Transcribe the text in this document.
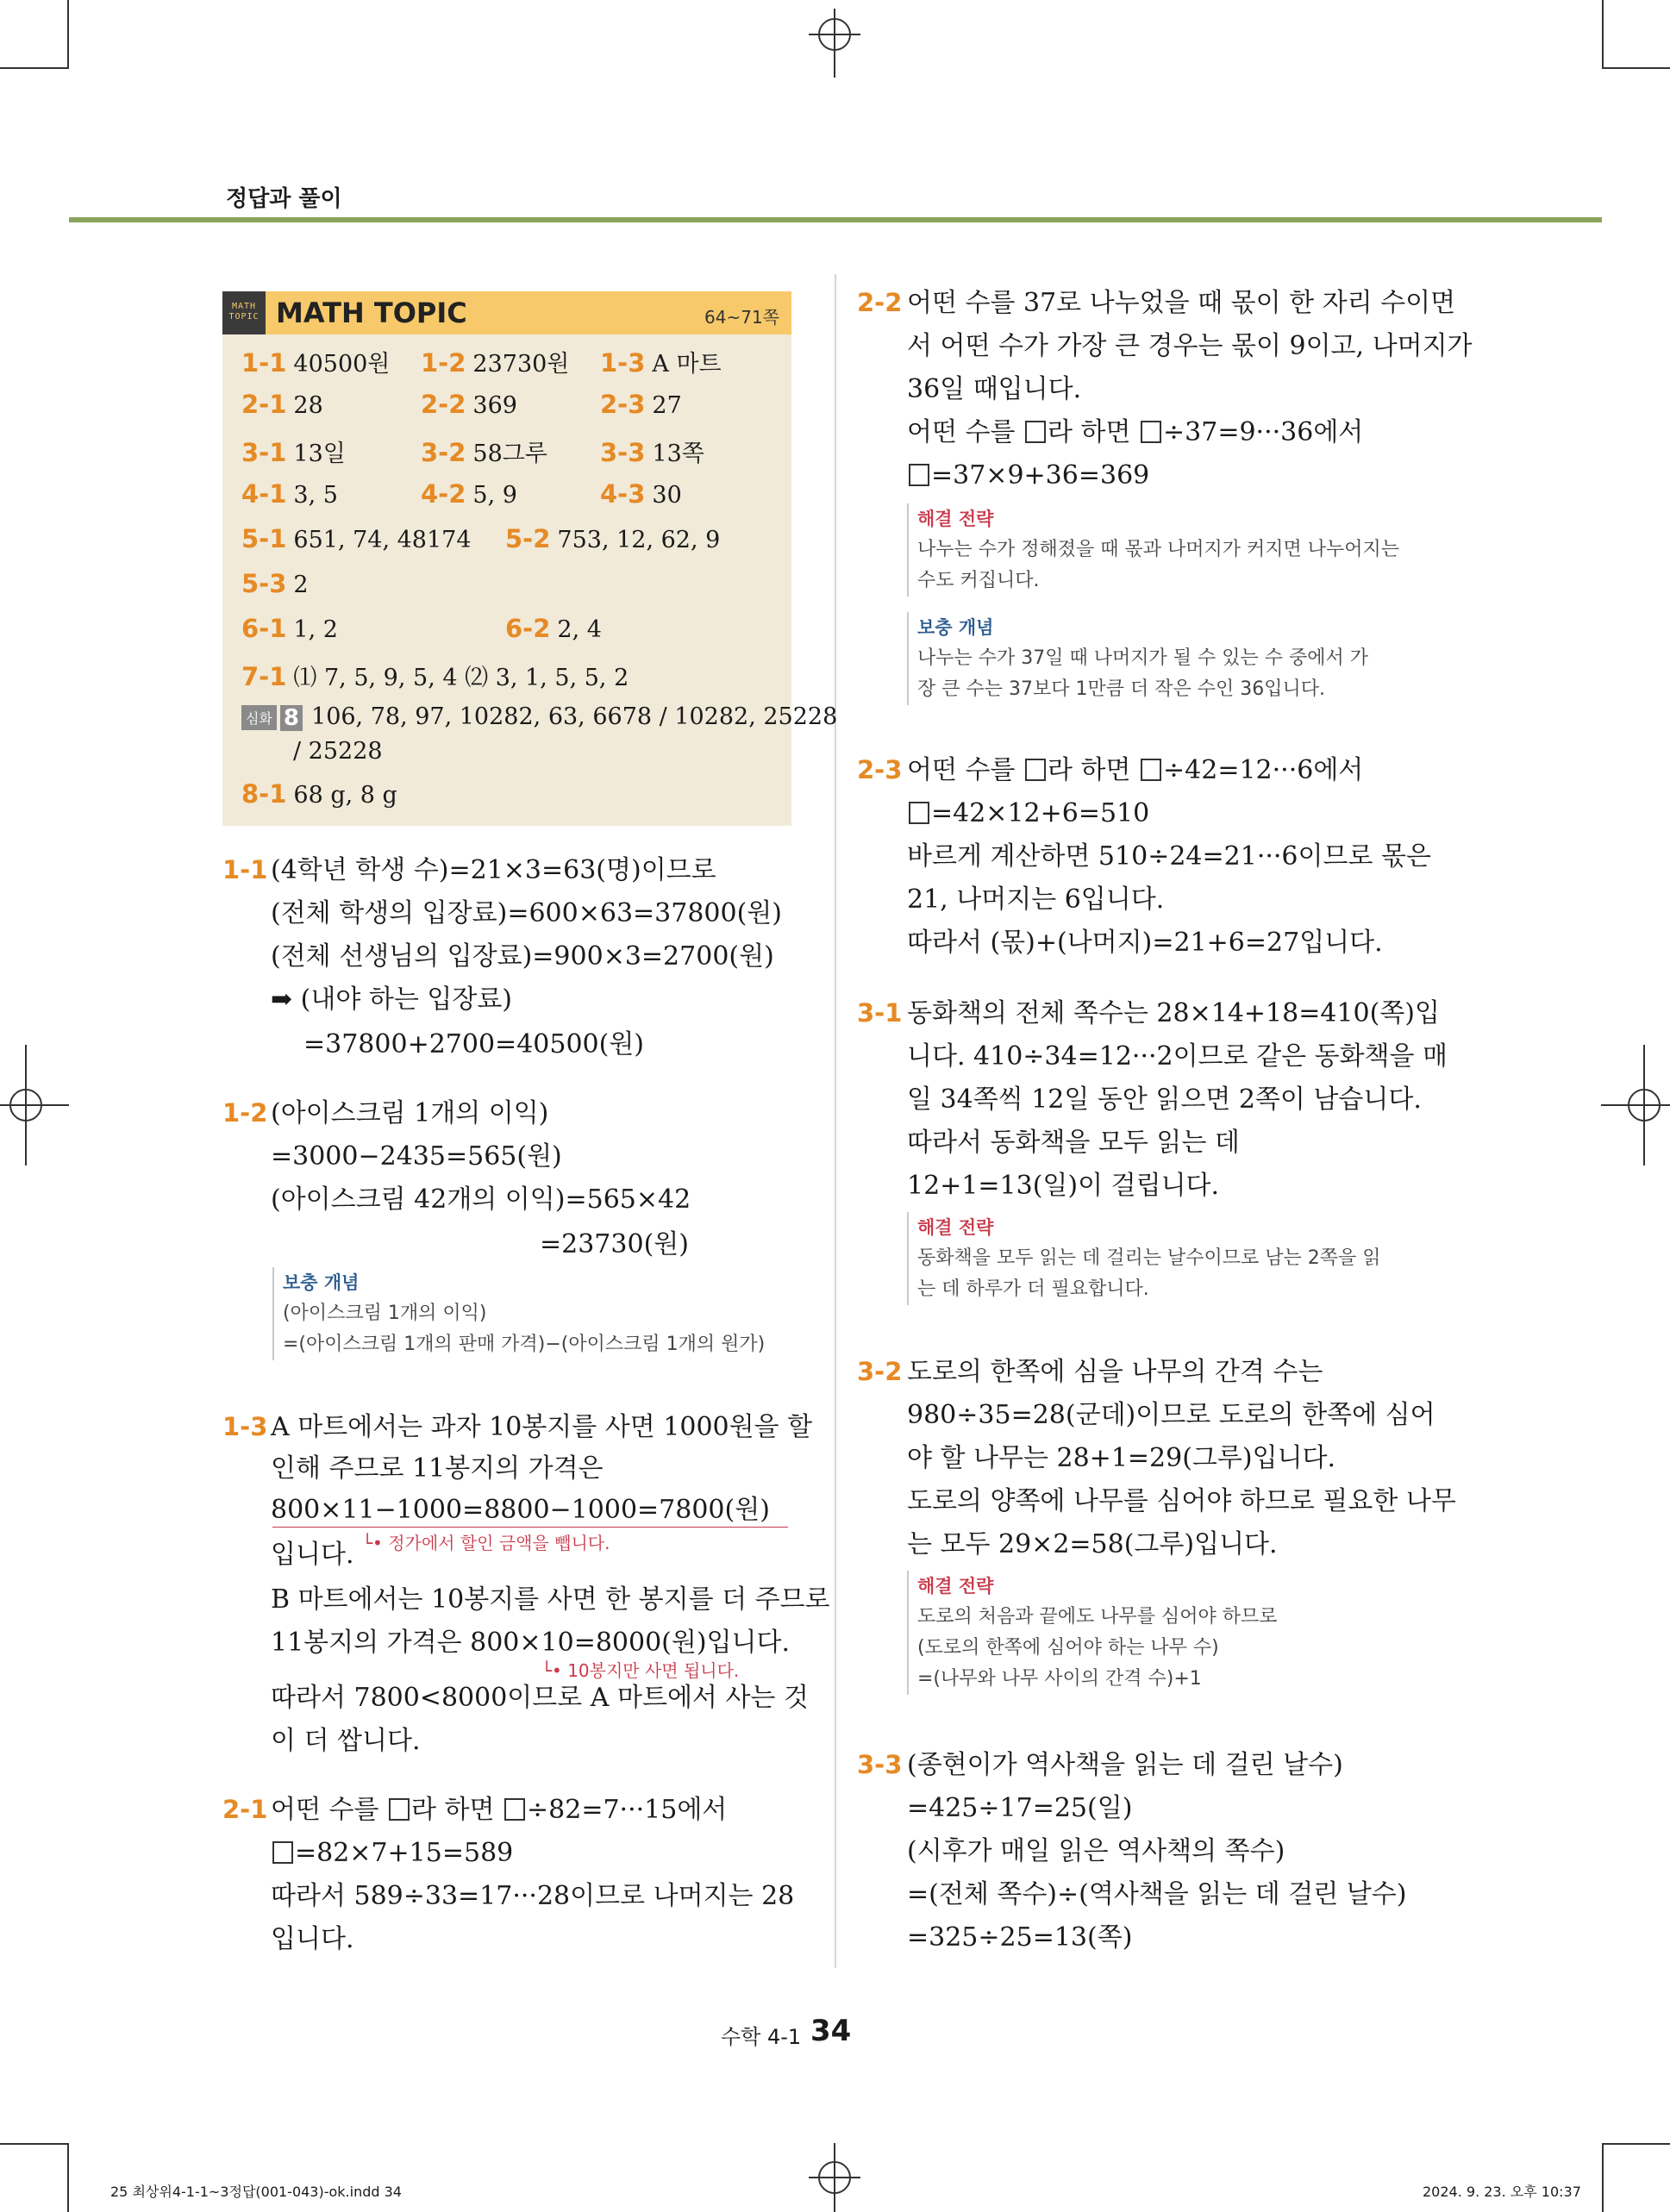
정답과 풀이
MATH TOPIC MATH TOPIC	64~71쪽
1-1 40500원 1-2 23730원 1-3 A 마트
2-1 28	2-2 369	2-3 27
3-1 13일	3-2 58그루 3-3 13쪽
4-1 3, 5	4-2 5, 9	4-3 30
5-1 651, 74, 48174 5-2 753, 12, 62, 9
5-3 2
6-1 1, 2	6-2 2, 4
7-1 ⑴ 7, 5, 9, 5, 4 ⑵ 3, 1, 5, 5, 2
심화 8 106, 78, 97, 10282, 63, 6678 / 10282, 25228
/ 25228
8-1 68 g, 8 g
1-1 (4학년 학생 수)=21×3=63(명)이므로
(전체 학생의 입장료)=600×63=37800(원)
(전체 선생님의 입장료)=900×3=2700(원)
➡ (내야 하는 입장료)
=37800+2700=40500(원)
1-2 (아이스크림 1개의 이익)
=3000−2435=565(원)
(아이스크림 42개의 이익)=565×42
=23730(원)
보충 개념
(아이스크림 1개의 이익)
=(아이스크림 1개의 판매 가격)−(아이스크림 1개의 원가)
1-3 A 마트에서는 과자 10봉지를 사면 1000원을 할
인해 주므로 11봉지의 가격은
800×11−1000=8800−1000=7800(원)
└• 정가에서 할인 금액을 뺍니다.
입니다.
B 마트에서는 10봉지를 사면 한 봉지를 더 주므로
11봉지의 가격은 800×10=8000(원)입니다.
└• 10봉지만 사면 됩니다.
따라서 7800<8000이므로 A 마트에서 사는 것
이 더 쌉니다.
2-1 어떤 수를 라 하면 ÷82=7···15에서
=82×7+15=589
따라서 589÷33=17···28이므로 나머지는 28
입니다.
2-2 어떤 수를 37로 나누었을 때 몫이 한 자리 수이면
서 어떤 수가 가장 큰 경우는 몫이 9이고, 나머지가
36일 때입니다.
어떤 수를 라 하면 ÷37=9···36에서
=37×9+36=369
해결 전략
나누는 수가 정해졌을 때 몫과 나머지가 커지면 나누어지는
수도 커집니다.
보충 개념
나누는 수가 37일 때 나머지가 될 수 있는 수 중에서 가
장 큰 수는 37보다 1만큼 더 작은 수인 36입니다.
2-3 어떤 수를 라 하면 ÷42=12···6에서
=42×12+6=510
바르게 계산하면 510÷24=21···6이므로 몫은
21, 나머지는 6입니다.
따라서 (몫)+(나머지)=21+6=27입니다.
3-1 동화책의 전체 쪽수는 28×14+18=410(쪽)입
니다. 410÷34=12···2이므로 같은 동화책을 매
일 34쪽씩 12일 동안 읽으면 2쪽이 남습니다.
따라서 동화책을 모두 읽는 데
12+1=13(일)이 걸립니다.
해결 전략
동화책을 모두 읽는 데 걸리는 날수이므로 남는 2쪽을 읽
는 데 하루가 더 필요합니다.
3-2 도로의 한쪽에 심을 나무의 간격 수는
980÷35=28(군데)이므로 도로의 한쪽에 심어
야 할 나무는 28+1=29(그루)입니다.
도로의 양쪽에 나무를 심어야 하므로 필요한 나무
는 모두 29×2=58(그루)입니다.
해결 전략
도로의 처음과 끝에도 나무를 심어야 하므로
(도로의 한쪽에 심어야 하는 나무 수)
=(나무와 나무 사이의 간격 수)+1
3-3 (종현이가 역사책을 읽는 데 걸린 날수)
=425÷17=25(일)
(시후가 매일 읽은 역사책의 쪽수)
=(전체 쪽수)÷(역사책을 읽는 데 걸린 날수)
=325÷25=13(쪽)
수학 4-1 34
25 최상위4-1-1~3정답(001-043)-ok.indd 34	2024. 9. 23. 오후 10:37
